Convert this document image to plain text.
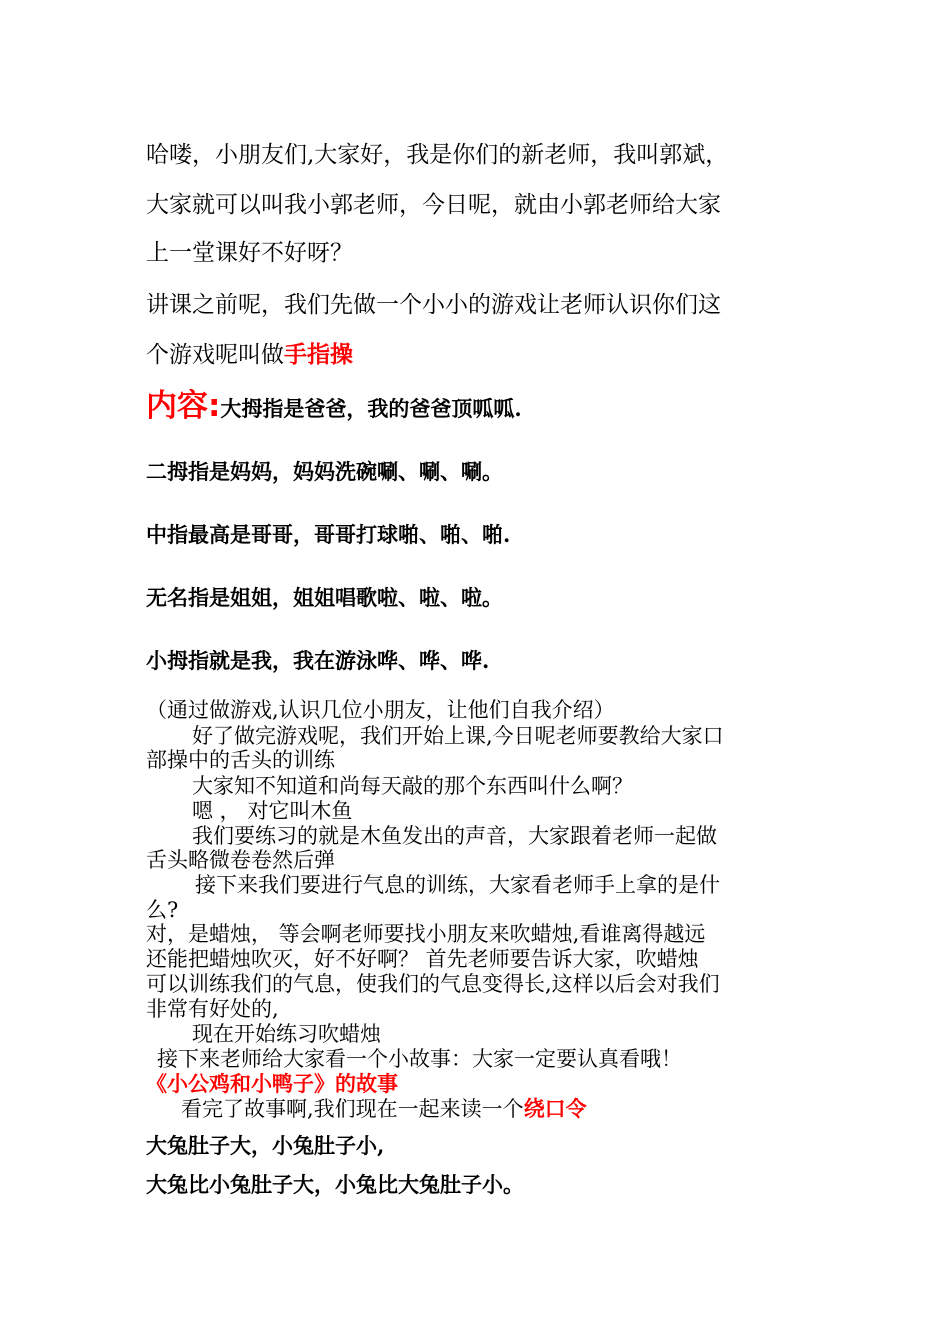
哈喽，小朋友们,大家好，我是你们的新老师，我叫郭斌，

大家就可以叫我小郭老师，今日呢，就由小郭老师给大家

上一堂课好不好呀？

讲课之前呢，我们先做一个小小的游戏让老师认识你们这

个游戏呢叫做手指操

内容:大拇指是爸爸，我的爸爸顶呱呱.

二拇指是妈妈，妈妈洗碗唰、唰、唰。

中指最高是哥哥，哥哥打球啪、啪、啪.

无名指是姐姐，姐姐唱歌啦、啦、啦。

小拇指就是我，我在游泳哗、哗、哗.

（通过做游戏,认识几位小朋友，让他们自我介绍）

好了做完游戏呢，我们开始上课,今日呢老师要教给大家口

部操中的舌头的训练

大家知不知道和尚每天敲的那个东西叫什么啊？

嗯 ， 对它叫木鱼

我们要练习的就是木鱼发出的声音，大家跟着老师一起做

舌头略微卷卷然后弹

接下来我们要进行气息的训练，大家看老师手上拿的是什

么?

对，是蜡烛， 等会啊老师要找小朋友来吹蜡烛,看谁离得越远

还能把蜡烛吹灭，好不好啊？ 首先老师要告诉大家，吹蜡烛

可以训练我们的气息，使我们的气息变得长,这样以后会对我们

非常有好处的,

现在开始练习吹蜡烛

接下来老师给大家看一个小故事：大家一定要认真看哦！

《小公鸡和小鸭子》的故事

看完了故事啊,我们现在一起来读一个绕口令

大兔肚子大，小兔肚子小,

大兔比小兔肚子大，小兔比大兔肚子小。
